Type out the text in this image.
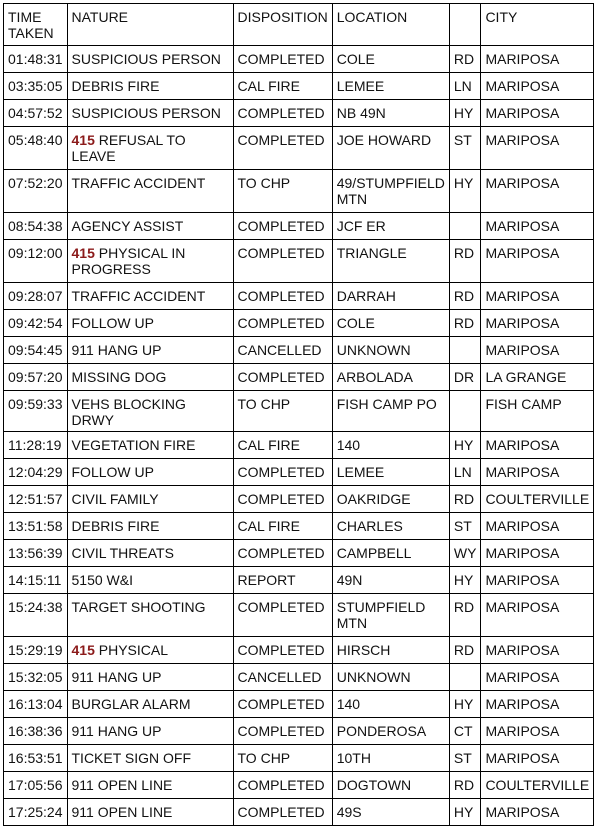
TIME TAKEN	NATURE	DISPOSITION	LOCATION		CITY
01:48:31	SUSPICIOUS PERSON	COMPLETED	COLE	RD	MARIPOSA
03:35:05	DEBRIS FIRE	CAL FIRE	LEMEE	LN	MARIPOSA
04:57:52	SUSPICIOUS PERSON	COMPLETED	NB 49N	HY	MARIPOSA
05:48:40	415 REFUSAL TO LEAVE	COMPLETED	JOE HOWARD	ST	MARIPOSA
07:52:20	TRAFFIC ACCIDENT	TO CHP	49/STUMPFIELD MTN	HY	MARIPOSA
08:54:38	AGENCY ASSIST	COMPLETED	JCF ER		MARIPOSA
09:12:00	415 PHYSICAL IN PROGRESS	COMPLETED	TRIANGLE	RD	MARIPOSA
09:28:07	TRAFFIC ACCIDENT	COMPLETED	DARRAH	RD	MARIPOSA
09:42:54	FOLLOW UP	COMPLETED	COLE	RD	MARIPOSA
09:54:45	911 HANG UP	CANCELLED	UNKNOWN		MARIPOSA
09:57:20	MISSING DOG	COMPLETED	ARBOLADA	DR	LA GRANGE
09:59:33	VEHS BLOCKING DRWY	TO CHP	FISH CAMP PO		FISH CAMP
11:28:19	VEGETATION FIRE	CAL FIRE	140	HY	MARIPOSA
12:04:29	FOLLOW UP	COMPLETED	LEMEE	LN	MARIPOSA
12:51:57	CIVIL FAMILY	COMPLETED	OAKRIDGE	RD	COULTERVILLE
13:51:58	DEBRIS FIRE	CAL FIRE	CHARLES	ST	MARIPOSA
13:56:39	CIVIL THREATS	COMPLETED	CAMPBELL	WY	MARIPOSA
14:15:11	5150 W&I	REPORT	49N	HY	MARIPOSA
15:24:38	TARGET SHOOTING	COMPLETED	STUMPFIELD MTN	RD	MARIPOSA
15:29:19	415 PHYSICAL	COMPLETED	HIRSCH	RD	MARIPOSA
15:32:05	911 HANG UP	CANCELLED	UNKNOWN		MARIPOSA
16:13:04	BURGLAR ALARM	COMPLETED	140	HY	MARIPOSA
16:38:36	911 HANG UP	COMPLETED	PONDEROSA	CT	MARIPOSA
16:53:51	TICKET SIGN OFF	TO CHP	10TH	ST	MARIPOSA
17:05:56	911 OPEN LINE	COMPLETED	DOGTOWN	RD	COULTERVILLE
17:25:24	911 OPEN LINE	COMPLETED	49S	HY	MARIPOSA
